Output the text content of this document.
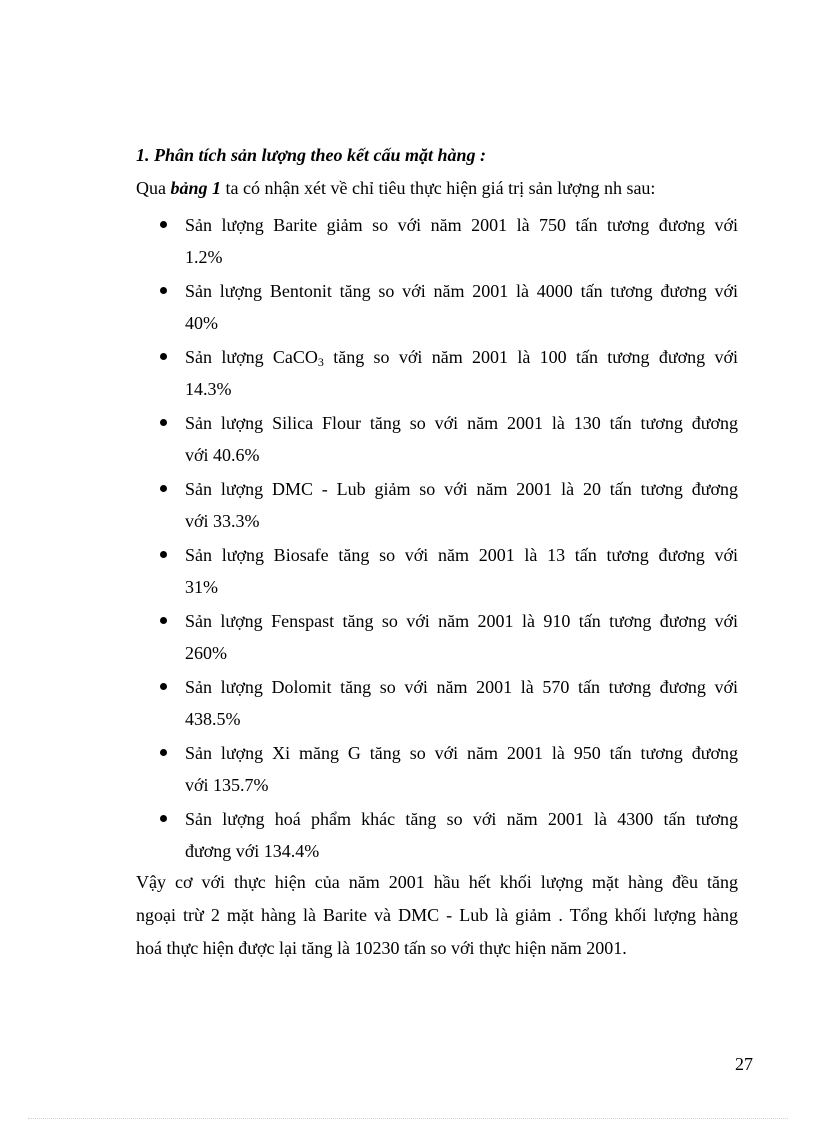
1. Phân tích sản lượng theo kết cấu mặt hàng :

Qua bảng 1 ta có nhận xét về chỉ tiêu thực hiện giá trị sản lượng nh sau:

Sản lượng Barite giảm so với năm 2001 là 750 tấn tương đương với
1.2%
Sản lượng Bentonit tăng so với năm 2001 là 4000 tấn tương đương với
40%
Sản lượng CaCO$_3$ tăng so với năm 2001 là 100 tấn tương đương với
14.3%
Sản lượng Silica Flour tăng so với năm 2001 là 130 tấn tương đương
với 40.6%
Sản lượng DMC - Lub giảm so với năm 2001 là 20 tấn tương đương
với 33.3%
Sản lượng Biosafe tăng so với năm 2001 là 13 tấn tương đương với
31%
Sản lượng Fenspast tăng so với năm 2001 là 910 tấn tương đương với
260%
Sản lượng Dolomit tăng so với năm 2001 là 570 tấn tương đương với
438.5%
Sản lượng Xi măng G tăng so với năm 2001 là 950 tấn tương đương
với 135.7%
Sản lượng hoá phẩm khác tăng so với năm 2001 là 4300 tấn tương
đương với 134.4%

Vậy cơ với thực hiện của năm 2001 hầu hết khối lượng mặt hàng đều tăng
ngoại trừ 2 mặt hàng là Barite và DMC - Lub là giảm . Tổng khối lượng hàng
hoá thực hiện được lại tăng là 10230 tấn so với thực hiện năm 2001.

27
